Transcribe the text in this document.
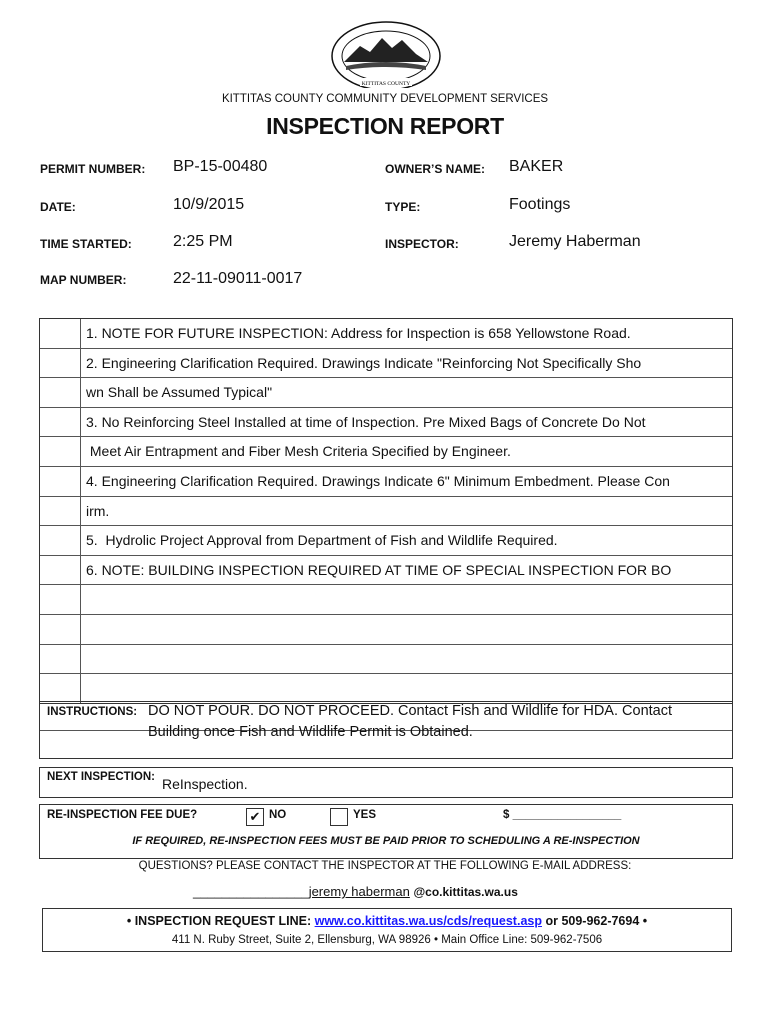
KITTITAS COUNTY
KITTITAS COUNTY COMMUNITY DEVELOPMENT SERVICES
INSPECTION REPORT
PERMIT NUMBER: BP-15-00480	OWNER’S NAME: BAKER
DATE:	10/9/2015	TYPE:	Footings
TIME STARTED:	2:25 PM	INSPECTOR:	Jeremy Haberman
MAP NUMBER:	22-11-09011-0017
1. NOTE FOR FUTURE INSPECTION: Address for Inspection is 658 Yellowstone Road.
2. Engineering Clarification Required. Drawings Indicate "Reinforcing Not Specifically Sho
wn Shall be Assumed Typical"
3. No Reinforcing Steel Installed at time of Inspection. Pre Mixed Bags of Concrete Do Not
Meet Air Entrapment and Fiber Mesh Criteria Specified by Engineer.
4. Engineering Clarification Required. Drawings Indicate 6" Minimum Embedment. Please Con
irm.
5.  Hydrolic Project Approval from Department of Fish and Wildlife Required.
6. NOTE: BUILDING INSPECTION REQUIRED AT TIME OF SPECIAL INSPECTION FOR BO
INSTRUCTIONS: DO NOT POUR. DO NOT PROCEED. Contact Fish and Wildlife for HDA. Contact
Building once Fish and Wildlife Permit is Obtained.
NEXT INSPECTION: ReInspection.
RE-INSPECTION FEE DUE?	✔ NO	YES	$ _________________
IF REQUIRED, RE-INSPECTION FEES MUST BE PAID PRIOR TO SCHEDULING A RE-INSPECTION
QUESTIONS? PLEASE CONTACT THE INSPECTOR AT THE FOLLOWING E-MAIL ADDRESS:
________________jeremy haberman @co.kittitas.wa.us
• INSPECTION REQUEST LINE: www.co.kittitas.wa.us/cds/request.asp or 509-962-7694 •
411 N. Ruby Street, Suite 2, Ellensburg, WA 98926 • Main Office Line: 509-962-7506
